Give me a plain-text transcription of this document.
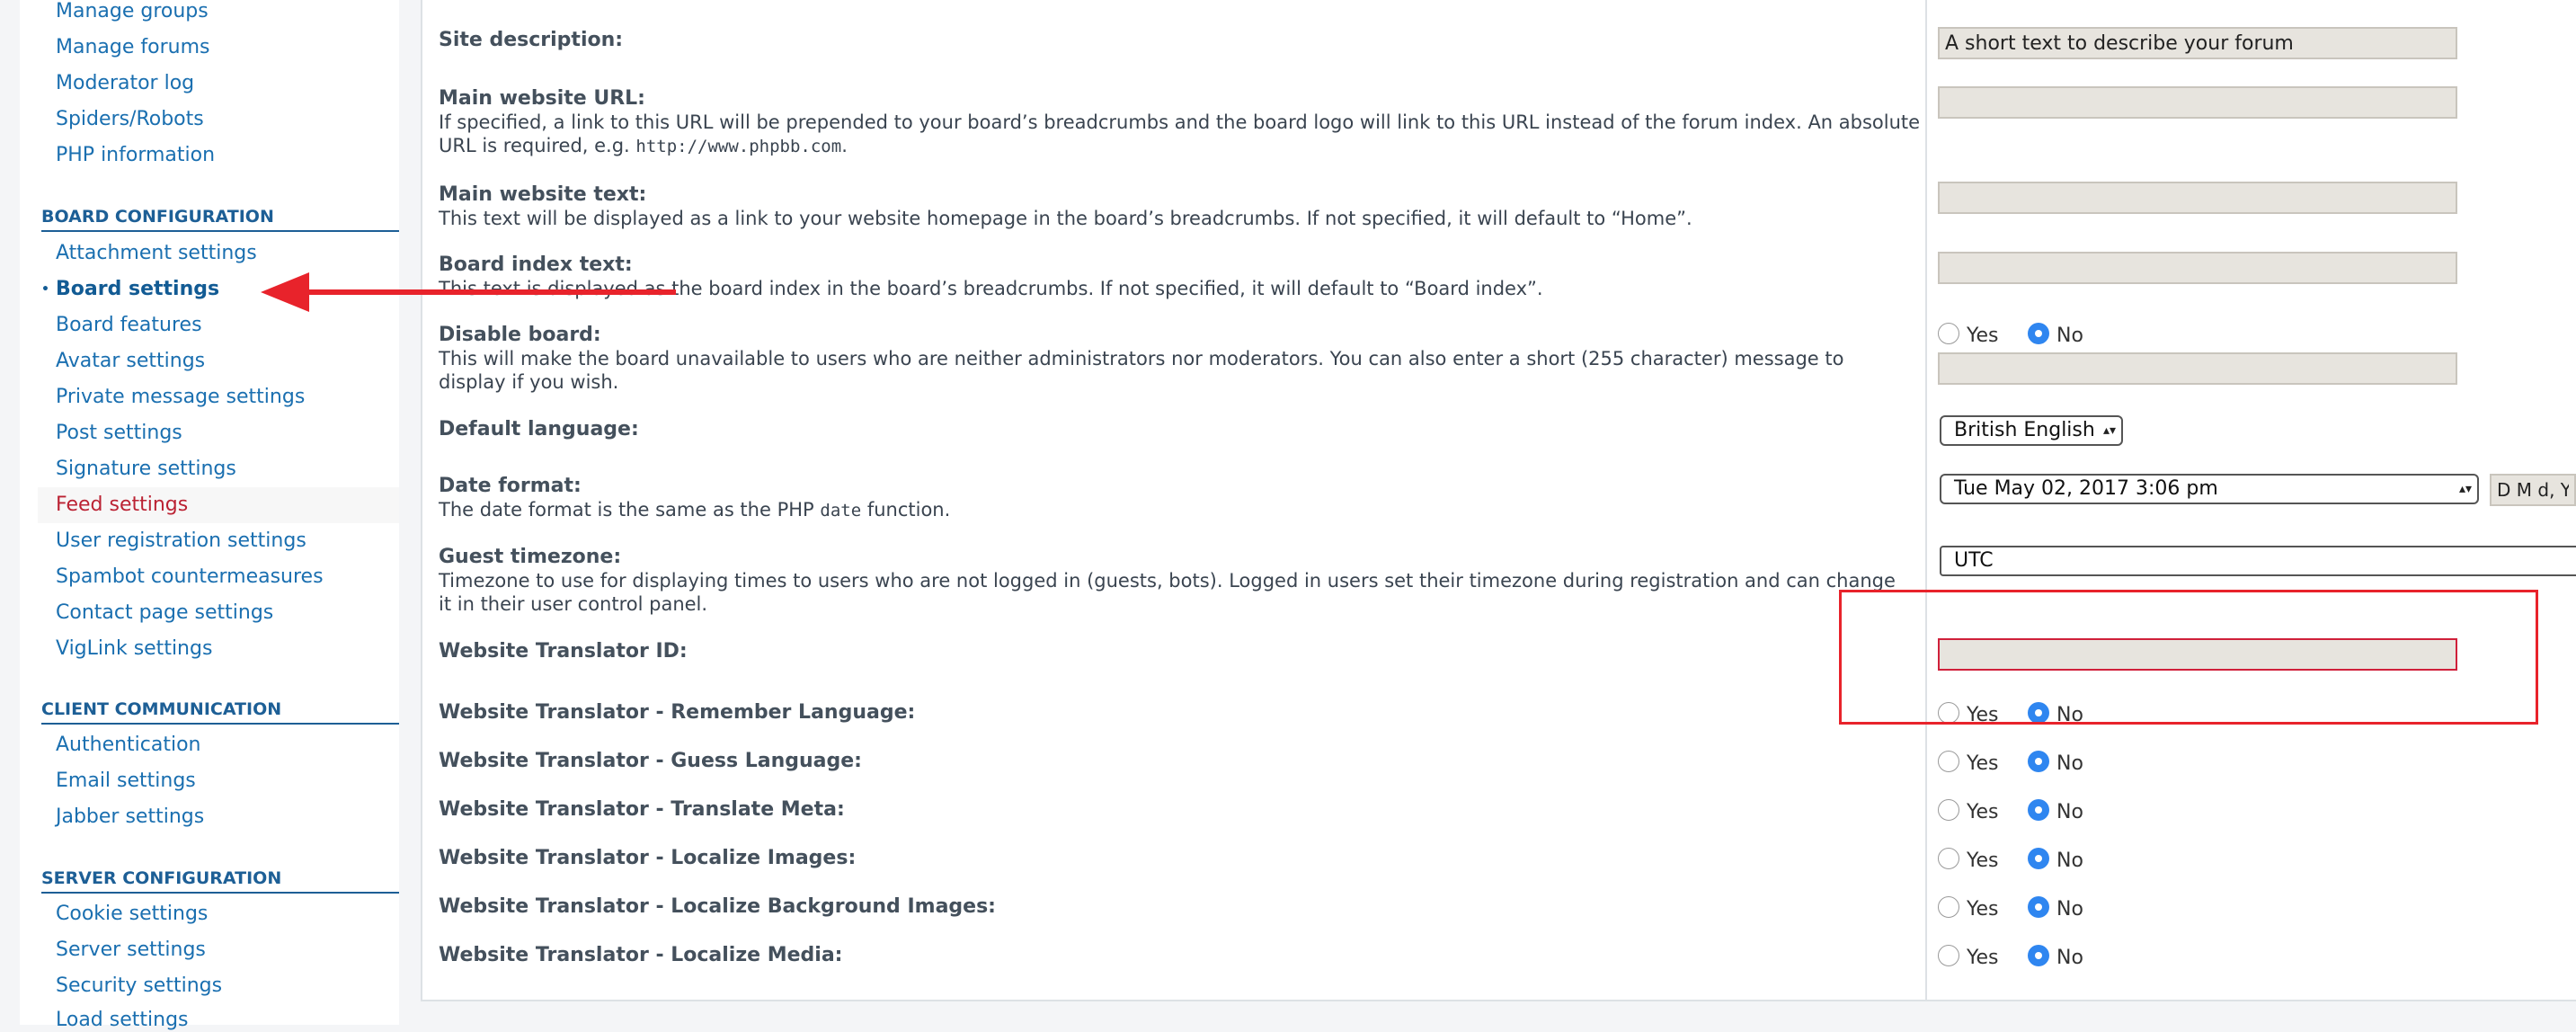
Manage groups
Manage forums
Moderator log
Spiders/Robots
PHP information
BOARD CONFIGURATION
Attachment settings
• Board settings
Board features
Avatar settings
Private message settings
Post settings
Signature settings
Feed settings
User registration settings
Spambot countermeasures
Contact page settings
VigLink settings
CLIENT COMMUNICATION
Authentication
Email settings
Jabber settings
SERVER CONFIGURATION
Cookie settings
Server settings
Security settings
Load settings
Site description:
A short text to describe your forum
Main website URL:
If specified, a link to this URL will be prepended to your board’s breadcrumbs and the board logo will link to this URL instead of the forum index. An absolute URL is required, e.g. http://www.phpbb.com.
Main website text:
This text will be displayed as a link to your website homepage in the board’s breadcrumbs. If not specified, it will default to “Home”.
Board index text:
This text is displayed as the board index in the board’s breadcrumbs. If not specified, it will default to “Board index”.
Disable board:
This will make the board unavailable to users who are neither administrators nor moderators. You can also enter a short (255 character) message to display if you wish.
Yes	No
Default language:	British English ▴▾
Date format:
The date format is the same as the PHP date function.
Tue May 02, 2017 3:06 pm	▴▾
D M d, Y g:i a
Guest timezone:
Timezone to use for displaying times to users who are not logged in (guests, bots). Logged in users set their timezone during registration and can change it in their user control panel.
UTC
Website Translator ID:
Website Translator - Remember Language:	Yes	No
Website Translator - Guess Language:	Yes	No
Website Translator - Translate Meta:	Yes	No
Website Translator - Localize Images:	Yes	No
Website Translator - Localize Background Images:	Yes	No
Website Translator - Localize Media:	Yes	No
